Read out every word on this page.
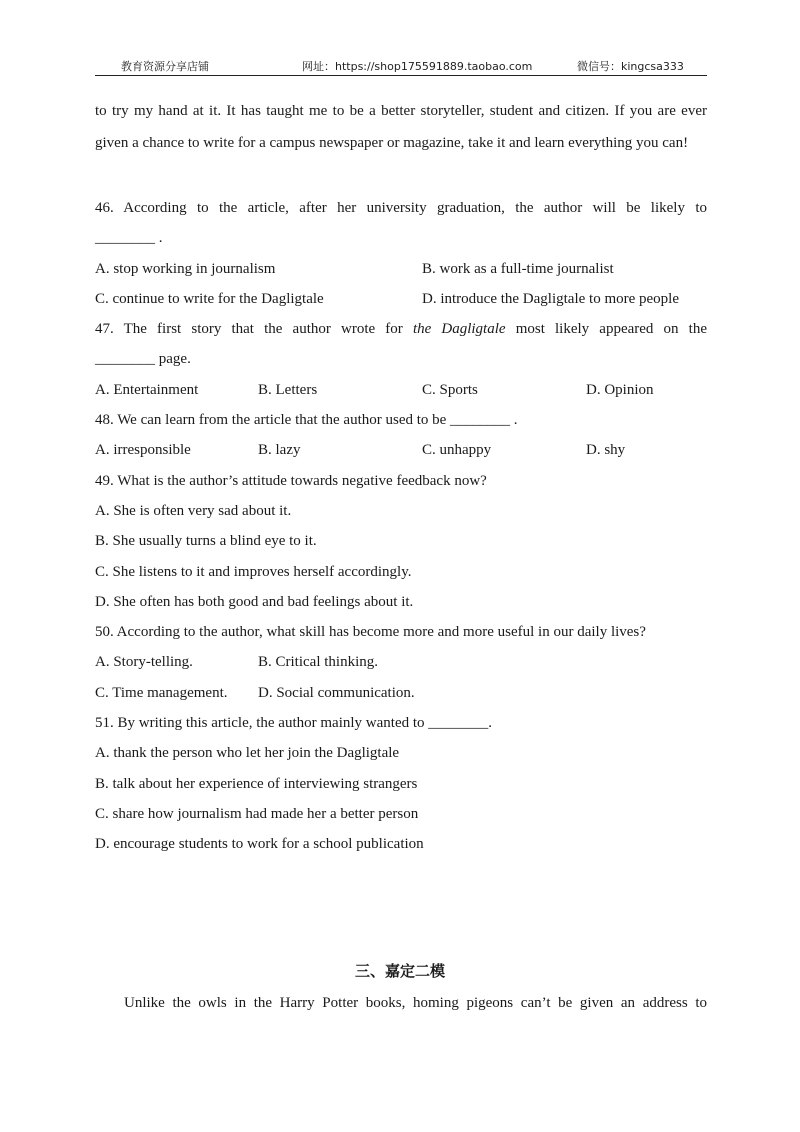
教育资源分享店铺	网址：https://shop175591889.taobao.com	微信号：kingcsa333

to try my hand at it. It has taught me to be a better storyteller, student and citizen. If you are ever given a chance to write for a campus newspaper or magazine, take it and learn everything you can!

46. According to the article, after her university graduation, the author will be likely to
________ .
A. stop working in journalism	B. work as a full-time journalist
C. continue to write for the Dagligtale	D. introduce the Dagligtale to more people
47. The first story that the author wrote for the Dagligtale most likely appeared on the
________ page.
A. Entertainment	B. Letters	C. Sports	D. Opinion
48. We can learn from the article that the author used to be ________ .
A. irresponsible	B. lazy	C. unhappy	D. shy
49. What is the author’s attitude towards negative feedback now?
A. She is often very sad about it.
B. She usually turns a blind eye to it.
C. She listens to it and improves herself accordingly.
D. She often has both good and bad feelings about it.
50. According to the author, what skill has become more and more useful in our daily lives?
A. Story-telling.	B. Critical thinking.
C. Time management. D. Social communication.
51. By writing this article, the author mainly wanted to ________.
A. thank the person who let her join the Dagligtale
B. talk about her experience of interviewing strangers
C. share how journalism had made her a better person
D. encourage students to work for a school publication
三、嘉定二模
Unlike the owls in the Harry Potter books, homing pigeons can’t be given an address to
